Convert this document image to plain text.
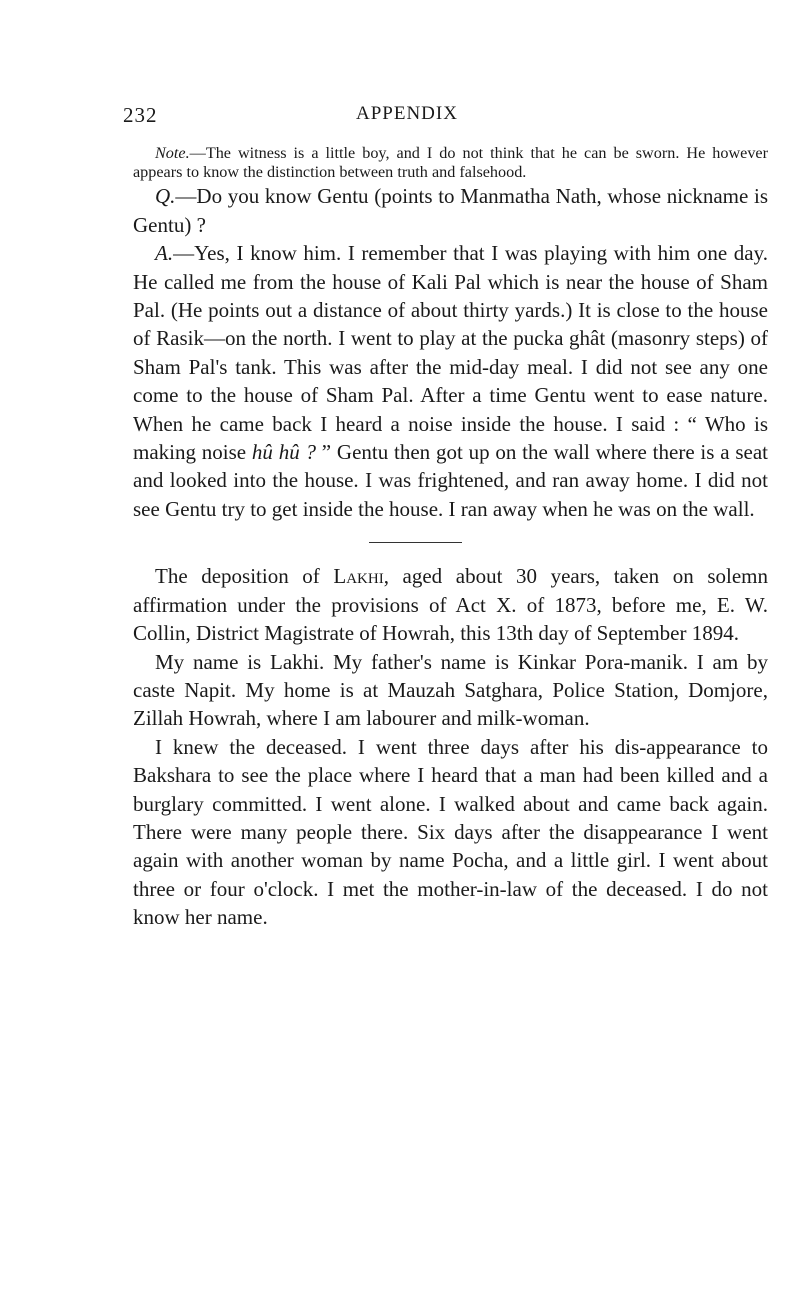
232	APPENDIX

Note.—The witness is a little boy, and I do not think that he can be sworn. He however appears to know the distinction between truth and falsehood.

Q.—Do you know Gentu (points to Manmatha Nath, whose nickname is Gentu) ?

A.—Yes, I know him. I remember that I was playing with him one day. He called me from the house of Kali Pal which is near the house of Sham Pal. (He points out a distance of about thirty yards.) It is close to the house of Rasik—on the north. I went to play at the pucka ghât (masonry steps) of Sham Pal's tank. This was after the mid-day meal. I did not see any one come to the house of Sham Pal. After a time Gentu went to ease nature. When he came back I heard a noise inside the house. I said : “ Who is making noise hû hû ? ” Gentu then got up on the wall where there is a seat and looked into the house. I was frightened, and ran away home. I did not see Gentu try to get inside the house. I ran away when he was on the wall.

The deposition of Lakhi, aged about 30 years, taken on solemn affirmation under the provisions of Act X. of 1873, before me, E. W. Collin, District Magistrate of Howrah, this 13th day of September 1894.

My name is Lakhi. My father's name is Kinkar Pora-manik. I am by caste Napit. My home is at Mauzah Satghara, Police Station, Domjore, Zillah Howrah, where I am labourer and milk-woman.

I knew the deceased. I went three days after his dis-appearance to Bakshara to see the place where I heard that a man had been killed and a burglary committed. I went alone. I walked about and came back again. There were many people there. Six days after the disappearance I went again with another woman by name Pocha, and a little girl. I went about three or four o'clock. I met the mother-in-law of the deceased. I do not know her name.
